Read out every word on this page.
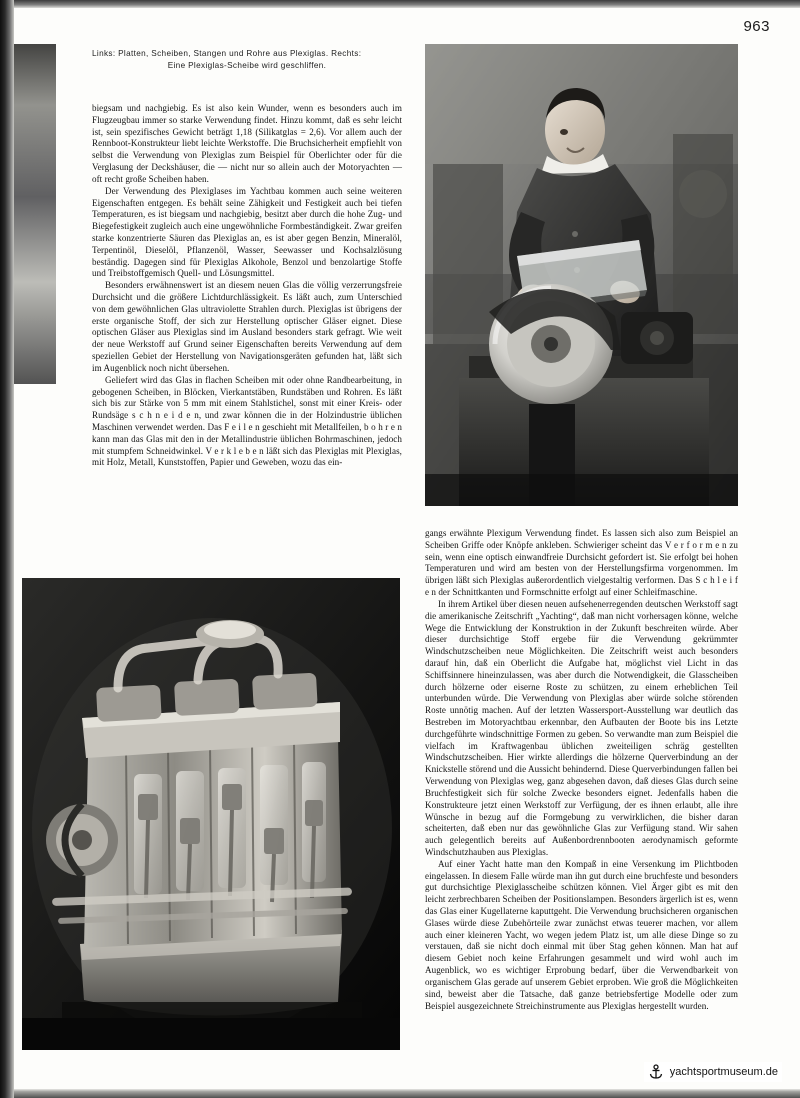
963
Links: Platten, Scheiben, Stangen und Rohre aus Plexiglas. Rechts:
Eine Plexiglas-Scheibe wird geschliffen.

biegsam und nachgiebig. Es ist also kein Wunder, wenn es besonders auch im Flugzeugbau immer so starke Verwendung findet. Hinzu kommt, daß es sehr leicht ist, sein spezifisches Gewicht beträgt 1,18 (Silikatglas = 2,6). Vor allem auch der Rennboot-Konstrukteur liebt leichte Werkstoffe. Die Bruchsicherheit empfiehlt von selbst die Verwendung von Plexiglas zum Beispiel für Oberlichter oder für die Verglasung der Deckshäuser, die — nicht nur so allein auch der Motoryachten — oft recht große Scheiben haben.

Der Verwendung des Plexiglases im Yachtbau kommen auch seine weiteren Eigenschaften entgegen. Es behält seine Zähigkeit und Festigkeit auch bei tiefen Temperaturen, es ist biegsam und nachgiebig, besitzt aber durch die hohe Zug- und Biegefestigkeit zugleich auch eine ungewöhnliche Formbeständigkeit. Zwar greifen starke konzentrierte Säuren das Plexiglas an, es ist aber gegen Benzin, Mineralöl, Terpentinöl, Dieselöl, Pflanzenöl, Wasser, Seewasser und Kochsalzlösung beständig. Dagegen sind für Plexiglas Alkohole, Benzol und benzolartige Stoffe und Treibstoffgemisch Quell- und Lösungsmittel.

Besonders erwähnenswert ist an diesem neuen Glas die völlig verzerrungsfreie Durchsicht und die größere Lichtdurchlässigkeit. Es läßt auch, zum Unterschied von dem gewöhnlichen Glas ultraviolette Strahlen durch. Plexiglas ist übrigens der erste organische Stoff, der sich zur Herstellung optischer Gläser eignet. Diese optischen Gläser aus Plexiglas sind im Ausland besonders stark gefragt. Wie weit der neue Werkstoff auf Grund seiner Eigenschaften bereits Verwendung auf dem speziellen Gebiet der Herstellung von Navigationsgeräten gefunden hat, läßt sich im Augenblick noch nicht übersehen.

Geliefert wird das Glas in flachen Scheiben mit oder ohne Randbearbeitung, in gebogenen Scheiben, in Blöcken, Vierkantstäben, Rundstäben und Rohren. Es läßt sich bis zur Stärke von 5 mm mit einem Stahlstichel, sonst mit einer Kreis- oder Rundsäge s c h n e i d e n, und zwar können die in der Holzindustrie üblichen Maschinen verwendet werden. Das F e i l e n geschieht mit Metallfeilen, b o h r e n kann man das Glas mit den in der Metallindustrie üblichen Bohrmaschinen, jedoch mit stumpfem Schneidwinkel. V e r k l e b e n läßt sich das Plexiglas mit Plexiglas, mit Holz, Metall, Kunststoffen, Papier und Geweben, wozu das ein-

gangs erwähnte Plexigum Verwendung findet. Es lassen sich also zum Beispiel an Scheiben Griffe oder Knöpfe ankleben. Schwieriger scheint das V e r f o r m e n zu sein, wenn eine optisch einwandfreie Durchsicht gefordert ist. Sie erfolgt bei hohen Temperaturen und wird am besten von der Herstellungsfirma vorgenommen. Im übrigen läßt sich Plexiglas außerordentlich vielgestaltig verformen. Das S c h l e i f e n der Schnittkanten und Formschnitte erfolgt auf einer Schleifmaschine.

In ihrem Artikel über diesen neuen aufsehenerregenden deutschen Werkstoff sagt die amerikanische Zeitschrift „Yachting“, daß man nicht vorhersagen könne, welche Wege die Entwicklung der Konstruktion in der Zukunft beschreiten würde. Aber dieser durchsichtige Stoff ergebe für die Verwendung gekrümmter Windschutzscheiben neue Möglichkeiten. Die Zeitschrift weist auch besonders darauf hin, daß ein Oberlicht die Aufgabe hat, möglichst viel Licht in das Schiffsinnere hineinzulassen, was aber durch die Notwendigkeit, die Glasscheiben durch hölzerne oder eiserne Roste zu schützen, zu einem erheblichen Teil unterbunden würde. Die Verwendung von Plexiglas aber würde solche störenden Roste unnötig machen. Auf der letzten Wassersport-Ausstellung war deutlich das Bestreben im Motoryachtbau erkennbar, den Aufbauten der Boote bis ins Letzte durchgeführte windschnittige Formen zu geben. So verwandte man zum Beispiel die vielfach im Kraftwagenbau üblichen zweiteiligen schräg gestellten Windschutzscheiben. Hier wirkte allerdings die hölzerne Querverbindung an der Knickstelle störend und die Aussicht behindernd. Diese Querverbindungen fallen bei Verwendung von Plexiglas weg, ganz abgesehen davon, daß dieses Glas durch seine Bruchfestigkeit sich für solche Zwecke besonders eignet. Jedenfalls haben die Konstrukteure jetzt einen Werkstoff zur Verfügung, der es ihnen erlaubt, alle ihre Wünsche in bezug auf die Formgebung zu verwirklichen, die bisher daran scheiterten, daß eben nur das gewöhnliche Glas zur Verfügung stand. Wir sahen auch gelegentlich bereits auf Außenbordrennbooten aerodynamisch geformte Windschutzhauben aus Plexiglas.

Auf einer Yacht hatte man den Kompaß in eine Versenkung im Plichtboden eingelassen. In diesem Falle würde man ihn gut durch eine bruchfeste und besonders gut durchsichtige Plexiglasscheibe schützen können. Viel Ärger gibt es mit den leicht zerbrechbaren Scheiben der Positionslampen. Besonders ärgerlich ist es, wenn das Glas einer Kugellaterne kaputtgeht. Die Verwendung bruchsicheren organischen Glases würde diese Zubehörteile zwar zunächst etwas teuerer machen, vor allem auch einer kleineren Yacht, wo wegen jedem Platz ist, um alle diese Dinge so zu verstauen, daß sie nicht doch einmal mit über Stag gehen können. Man hat auf diesem Gebiet noch keine Erfahrungen gesammelt und wird wohl auch im Augenblick, wo es wichtiger Erprobung bedarf, über die Verwendbarkeit von organischem Glas gerade auf unserem Gebiet erproben. Wie groß die Möglichkeiten sind, beweist aber die Tatsache, daß ganze betriebsfertige Modelle oder zum Beispiel ausgezeichnete Streichinstrumente aus Plexiglas hergestellt wurden.

yachtsportmuseum.de
